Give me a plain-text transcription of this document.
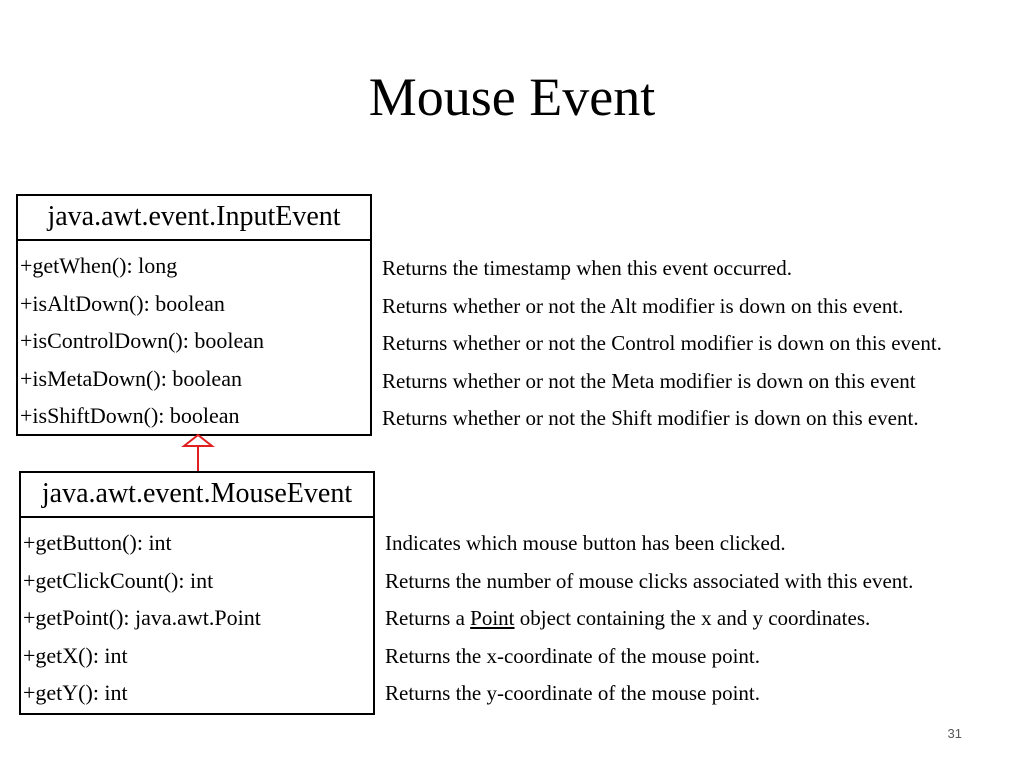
Mouse Event
java.awt.event.InputEvent
+getWhen(): long
+isAltDown(): boolean
+isControlDown(): boolean
+isMetaDown(): boolean
+isShiftDown(): boolean
Returns the timestamp when this event occurred.
Returns whether or not the Alt modifier is down on this event.
Returns whether or not the Control modifier is down on this event.
Returns whether or not the Meta modifier is down on this event
Returns whether or not the Shift modifier is down on this event.
java.awt.event.MouseEvent
+getButton(): int
+getClickCount(): int
+getPoint(): java.awt.Point
+getX(): int
+getY(): int
Indicates which mouse button has been clicked.
Returns the number of mouse clicks associated with this event.
Returns a Point object containing the x and y coordinates.
Returns the x-coordinate of the mouse point.
Returns the y-coordinate of the mouse point.
31
